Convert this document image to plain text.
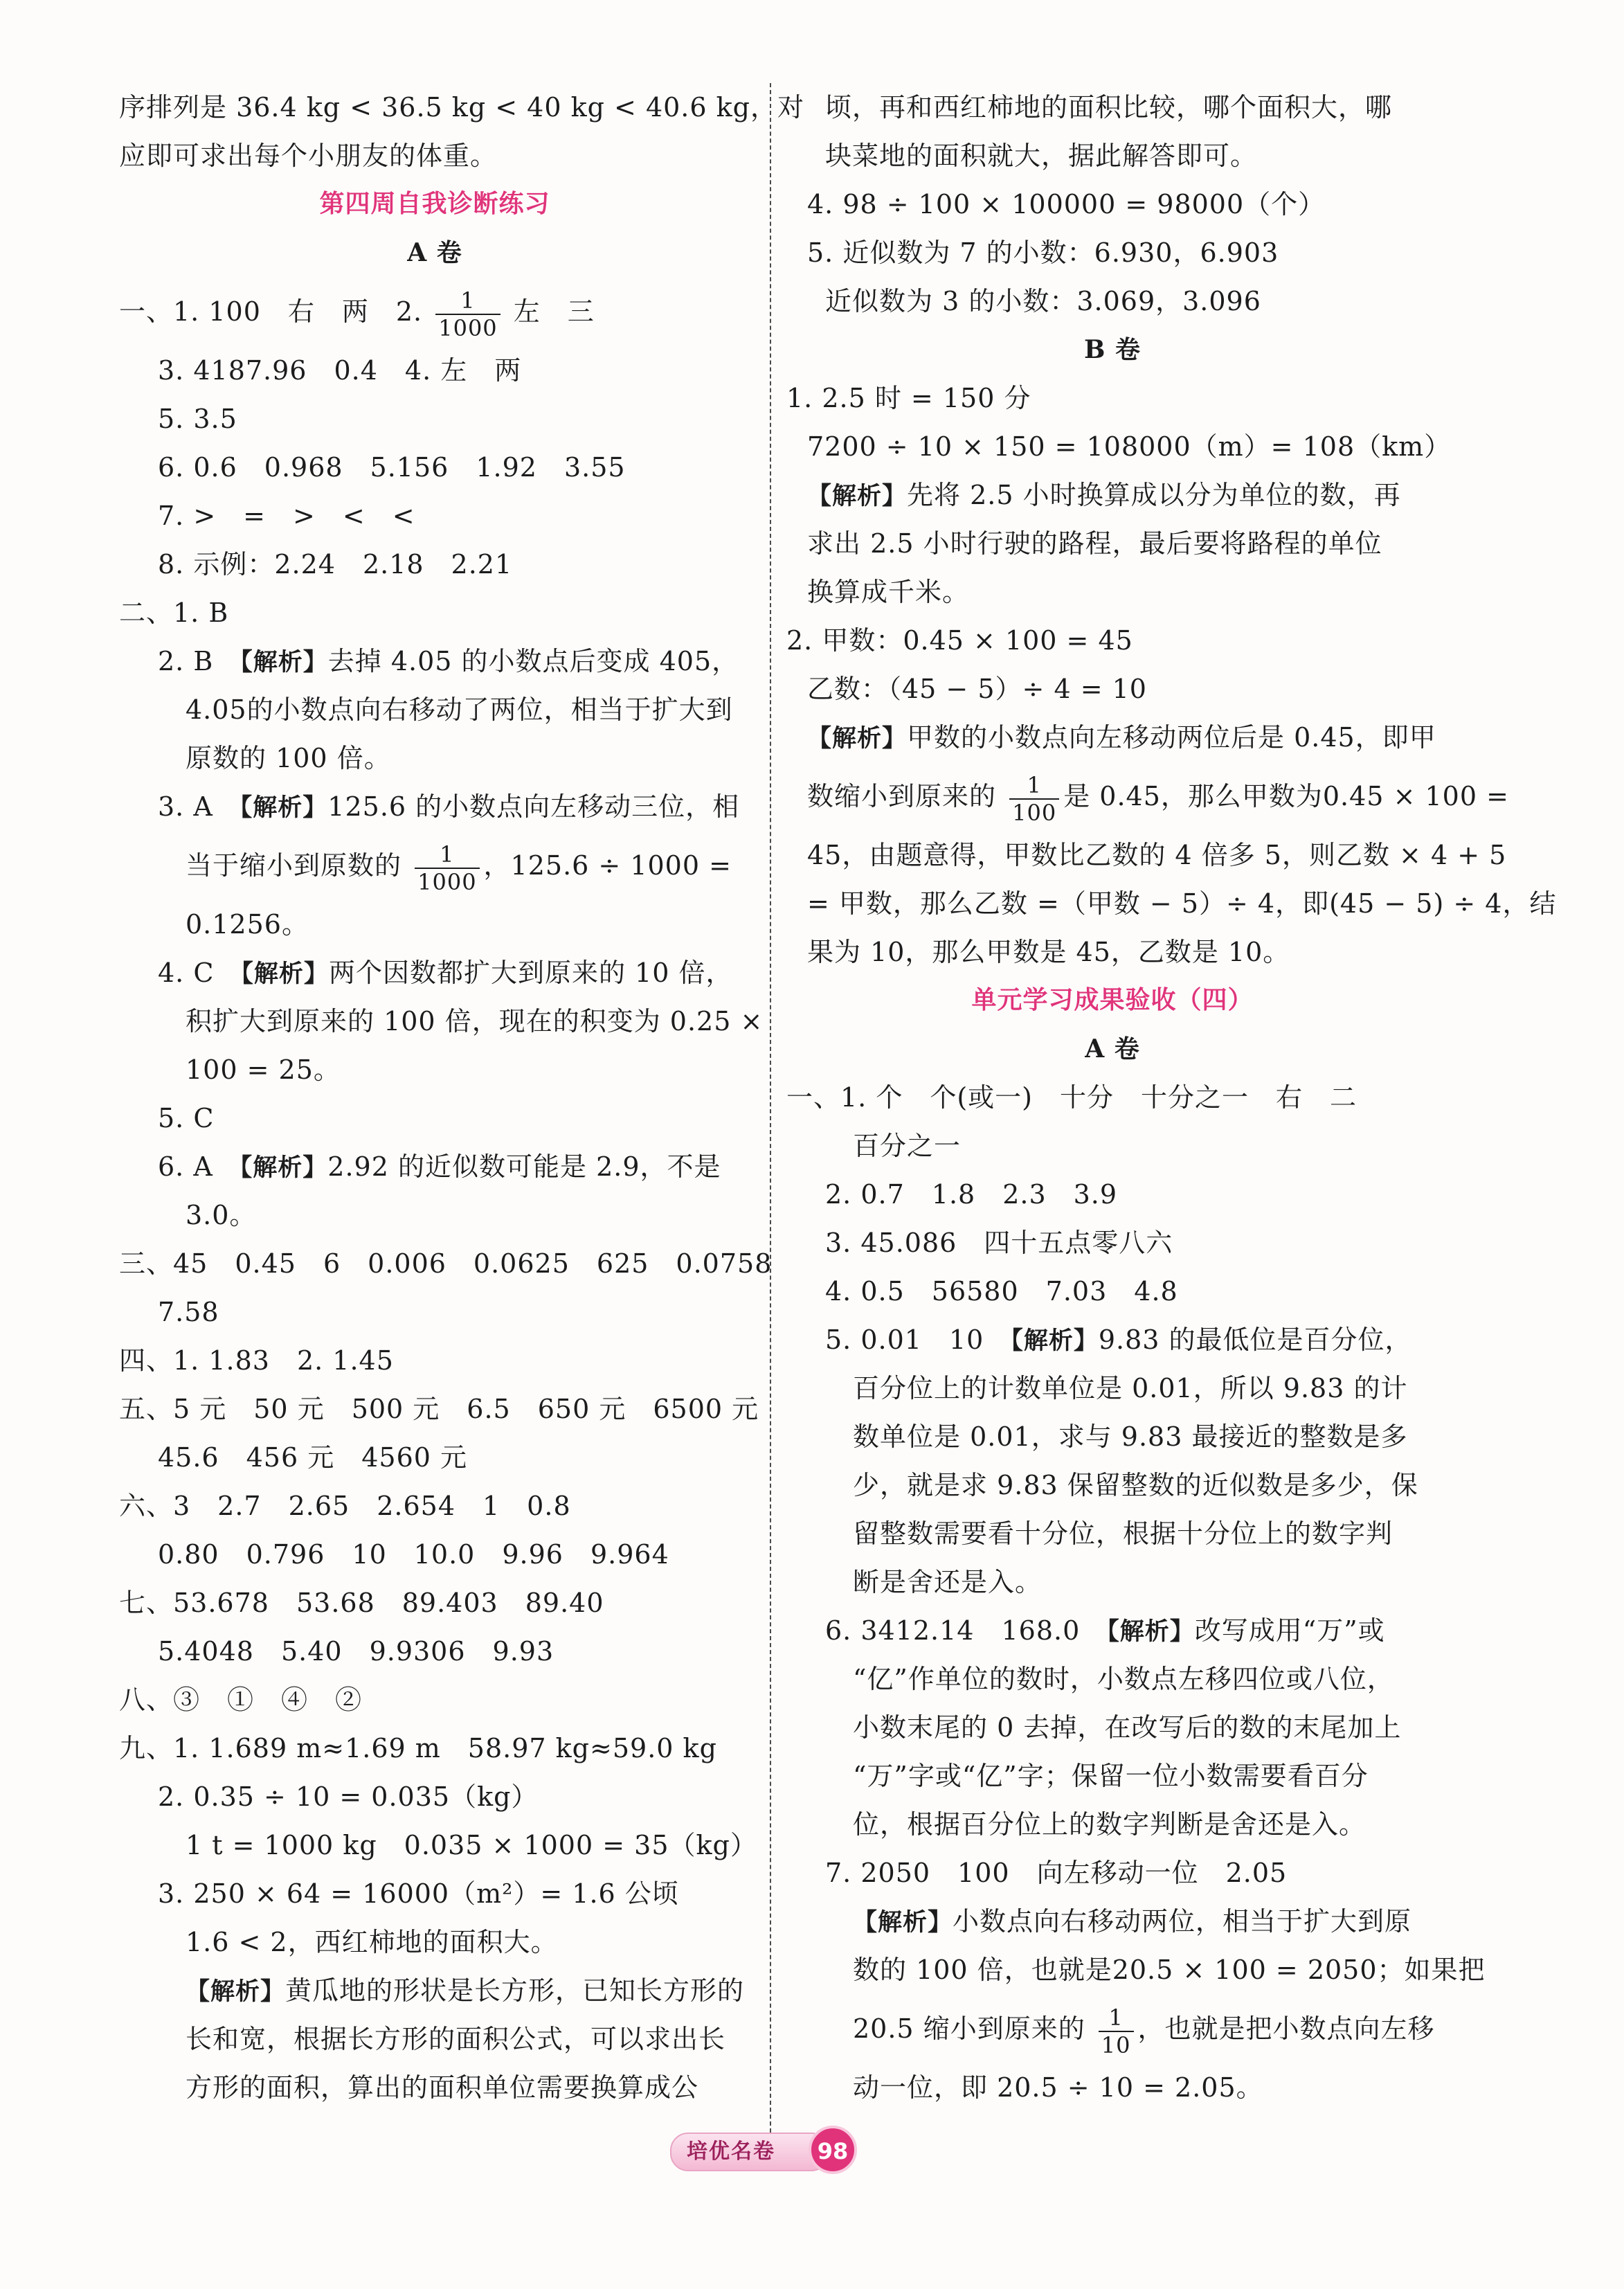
序排列是 36.4 kg < 36.5 kg < 40 kg < 40.6 kg，对
应即可求出每个小朋友的体重。
第四周自我诊断练习
A 卷
一、1. 100　右　两　2. $\frac{1}{1000}$ 左　三
3. 4187.96　0.4　4. 左　两
5. 3.5
6. 0.6　0.968　5.156　1.92　3.55
7. >　=　>　<　<
8. 示例：2.24　2.18　2.21
二、1. B
2. B　【解析】去掉 4.05 的小数点后变成 405，
4.05的小数点向右移动了两位，相当于扩大到
原数的 100 倍。
3. A　【解析】125.6 的小数点向左移动三位，相
当于缩小到原数的 $\frac{1}{1000}$ ，125.6 ÷ 1000 =
0.1256。
4. C　【解析】两个因数都扩大到原来的 10 倍，
积扩大到原来的 100 倍，现在的积变为 0.25 ×
100 = 25。
5. C
6. A　【解析】2.92 的近似数可能是 2.9，不是
3.0。
三、45　0.45　6　0.006　0.0625　625　0.0758
7.58
四、1. 1.83　2. 1.45
五、5 元　50 元　500 元　6.5　650 元　6500 元
45.6　456 元　4560 元
六、3　2.7　2.65　2.654　1　0.8
0.80　0.796　10　10.0　9.96　9.964
七、53.678　53.68　89.403　89.40
5.4048　5.40　9.9306　9.93
八、③　①　④　②
九、1. 1.689 m≈1.69 m　58.97 kg≈59.0 kg
2. 0.35 ÷ 10 = 0.035（kg）
1 t = 1000 kg　0.035 × 1000 = 35（kg）
3. 250 × 64 = 16000（m²）= 1.6 公顷
1.6 < 2，西红柿地的面积大。
【解析】黄瓜地的形状是长方形，已知长方形的
长和宽，根据长方形的面积公式，可以求出长
方形的面积，算出的面积单位需要换算成公
顷，再和西红柿地的面积比较，哪个面积大，哪
块菜地的面积就大，据此解答即可。
4. 98 ÷ 100 × 100000 = 98000（个）
5. 近似数为 7 的小数：6.930，6.903
近似数为 3 的小数：3.069，3.096
B 卷
1. 2.5 时 = 150 分
7200 ÷ 10 × 150 = 108000（m）= 108（km）
【解析】先将 2.5 小时换算成以分为单位的数，再
求出 2.5 小时行驶的路程，最后要将路程的单位
换算成千米。
2. 甲数：0.45 × 100 = 45
乙数：（45 − 5）÷ 4 = 10
【解析】甲数的小数点向左移动两位后是 0.45，即甲
数缩小到原来的 $\frac{1}{100}$ 是 0.45，那么甲数为0.45 × 100 =
45，由题意得，甲数比乙数的 4 倍多 5，则乙数 × 4 + 5
= 甲数，那么乙数 =（甲数 − 5）÷ 4，即(45 − 5) ÷ 4，结
果为 10，那么甲数是 45，乙数是 10。
单元学习成果验收（四）
A 卷
一、1. 个　个(或一)　十分　十分之一　右　二
百分之一
2. 0.7　1.8　2.3　3.9
3. 45.086　四十五点零八六
4. 0.5　56580　7.03　4.8
5. 0.01　10　【解析】9.83 的最低位是百分位，
百分位上的计数单位是 0.01，所以 9.83 的计
数单位是 0.01，求与 9.83 最接近的整数是多
少，就是求 9.83 保留整数的近似数是多少，保
留整数需要看十分位，根据十分位上的数字判
断是舍还是入。
6. 3412.14　168.0　【解析】改写成用“万”或
“亿”作单位的数时，小数点左移四位或八位，
小数末尾的 0 去掉，在改写后的数的末尾加上
“万”字或“亿”字；保留一位小数需要看百分
位，根据百分位上的数字判断是舍还是入。
7. 2050　100　向左移动一位　2.05
【解析】小数点向右移动两位，相当于扩大到原
数的 100 倍，也就是20.5 × 100 = 2050；如果把
20.5 缩小到原来的 $\frac{1}{10}$ ，也就是把小数点向左移
动一位，即 20.5 ÷ 10 = 2.05。
培优名卷 98
